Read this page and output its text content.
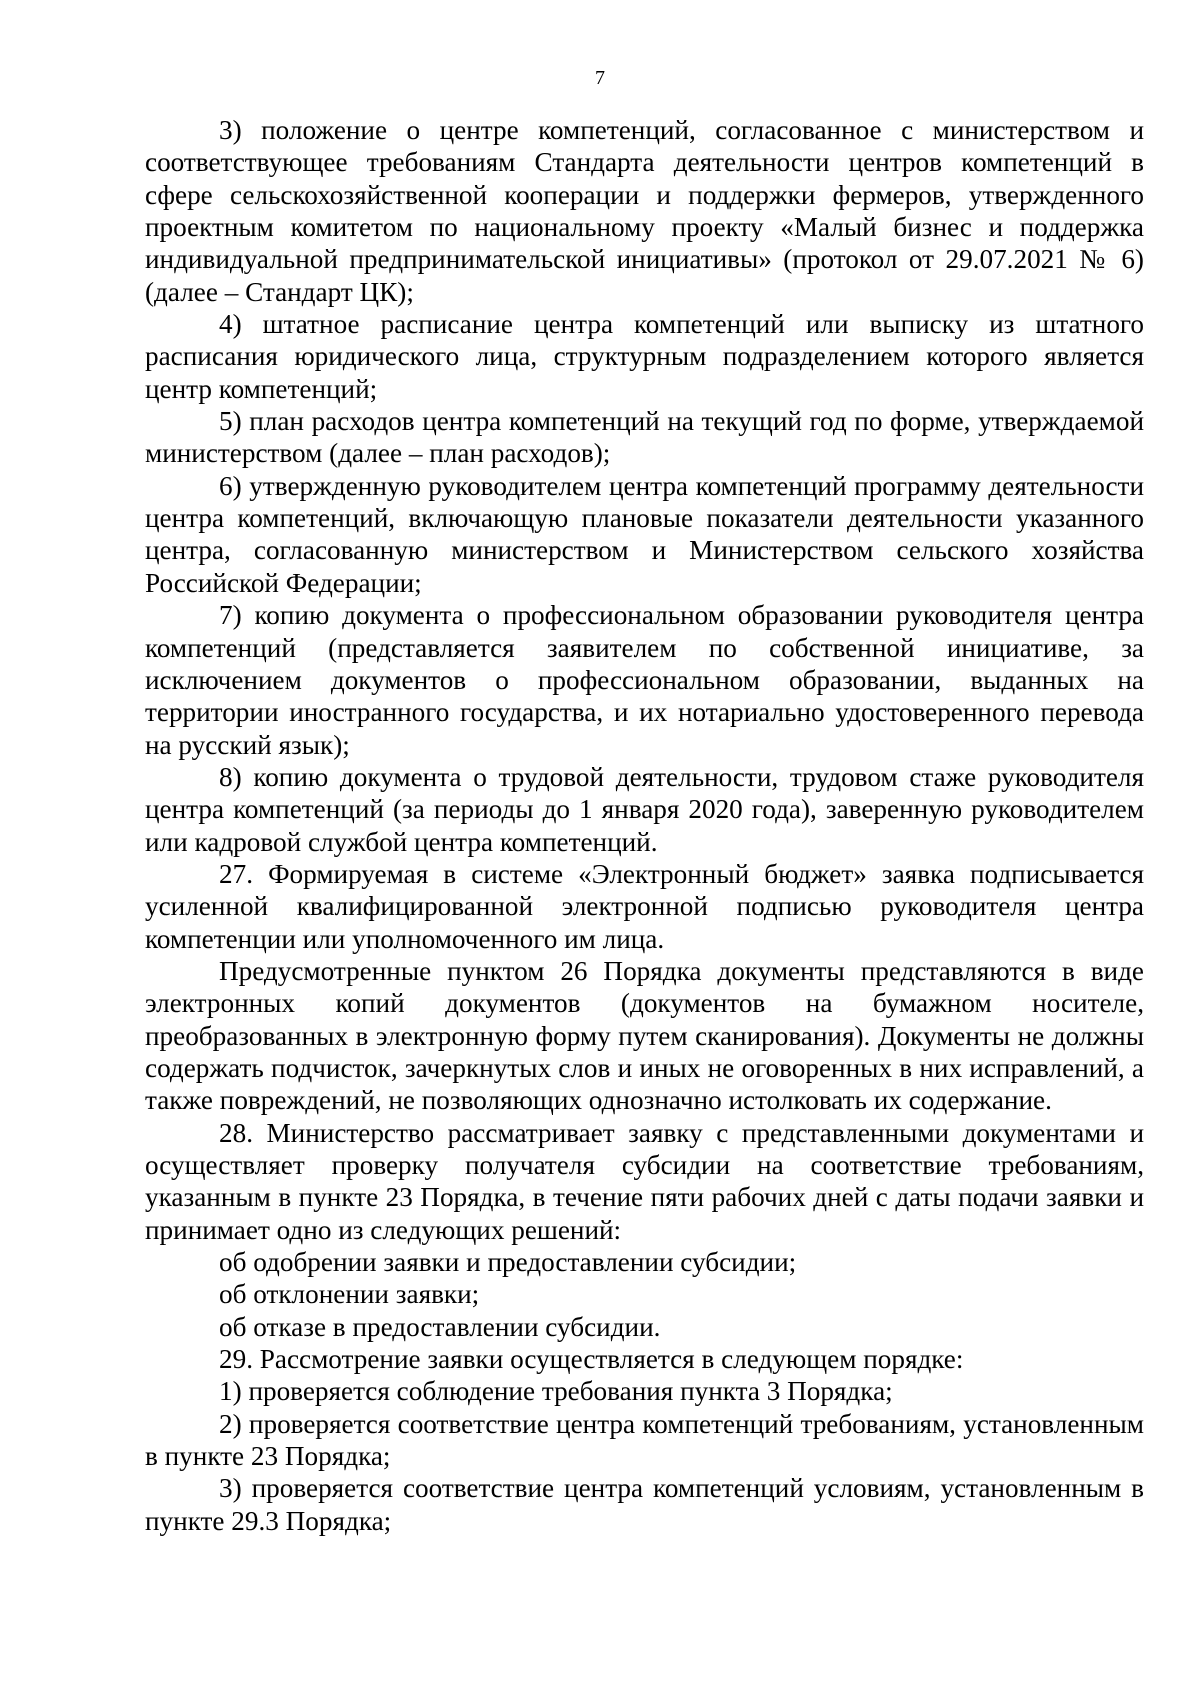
7

3) положение о центре компетенций, согласованное с министерством и соответствующее требованиям Стандарта деятельности центров компетенций в сфере сельскохозяйственной кооперации и поддержки фермеров, утвержденного проектным комитетом по национальному проекту «Малый бизнес и поддержка индивидуальной предпринимательской инициативы» (протокол от 29.07.2021 № 6) (далее – Стандарт ЦК);

4) штатное расписание центра компетенций или выписку из штатного расписания юридического лица, структурным подразделением которого является центр компетенций;

5) план расходов центра компетенций на текущий год по форме, утверждаемой министерством (далее – план расходов);

6) утвержденную руководителем центра компетенций программу деятельности центра компетенций, включающую плановые показатели деятельности указанного центра, согласованную министерством и Министерством сельского хозяйства Российской Федерации;

7) копию документа о профессиональном образовании руководителя центра компетенций (представляется заявителем по собственной инициативе, за исключением документов о профессиональном образовании, выданных на территории иностранного государства, и их нотариально удостоверенного перевода на русский язык);

8) копию документа о трудовой деятельности, трудовом стаже руководителя центра компетенций (за периоды до 1 января 2020 года), заверенную руководителем или кадровой службой центра компетенций.

27. Формируемая в системе «Электронный бюджет» заявка подписывается усиленной квалифицированной электронной подписью руководителя центра компетенции или уполномоченного им лица.

Предусмотренные пунктом 26 Порядка документы представляются в виде электронных копий документов (документов на бумажном носителе, преобразованных в электронную форму путем сканирования). Документы не должны содержать подчисток, зачеркнутых слов и иных не оговоренных в них исправлений, а также повреждений, не позволяющих однозначно истолковать их содержание.

28. Министерство рассматривает заявку с представленными документами и осуществляет проверку получателя субсидии на соответствие требованиям, указанным в пункте 23 Порядка, в течение пяти рабочих дней с даты подачи заявки и принимает одно из следующих решений:

об одобрении заявки и предоставлении субсидии;

об отклонении заявки;

об отказе в предоставлении субсидии.

29. Рассмотрение заявки осуществляется в следующем порядке:

1) проверяется соблюдение требования пункта 3 Порядка;

2) проверяется соответствие центра компетенций требованиям, установленным в пункте 23 Порядка;

3) проверяется соответствие центра компетенций условиям, установленным в пункте 29.3 Порядка;
